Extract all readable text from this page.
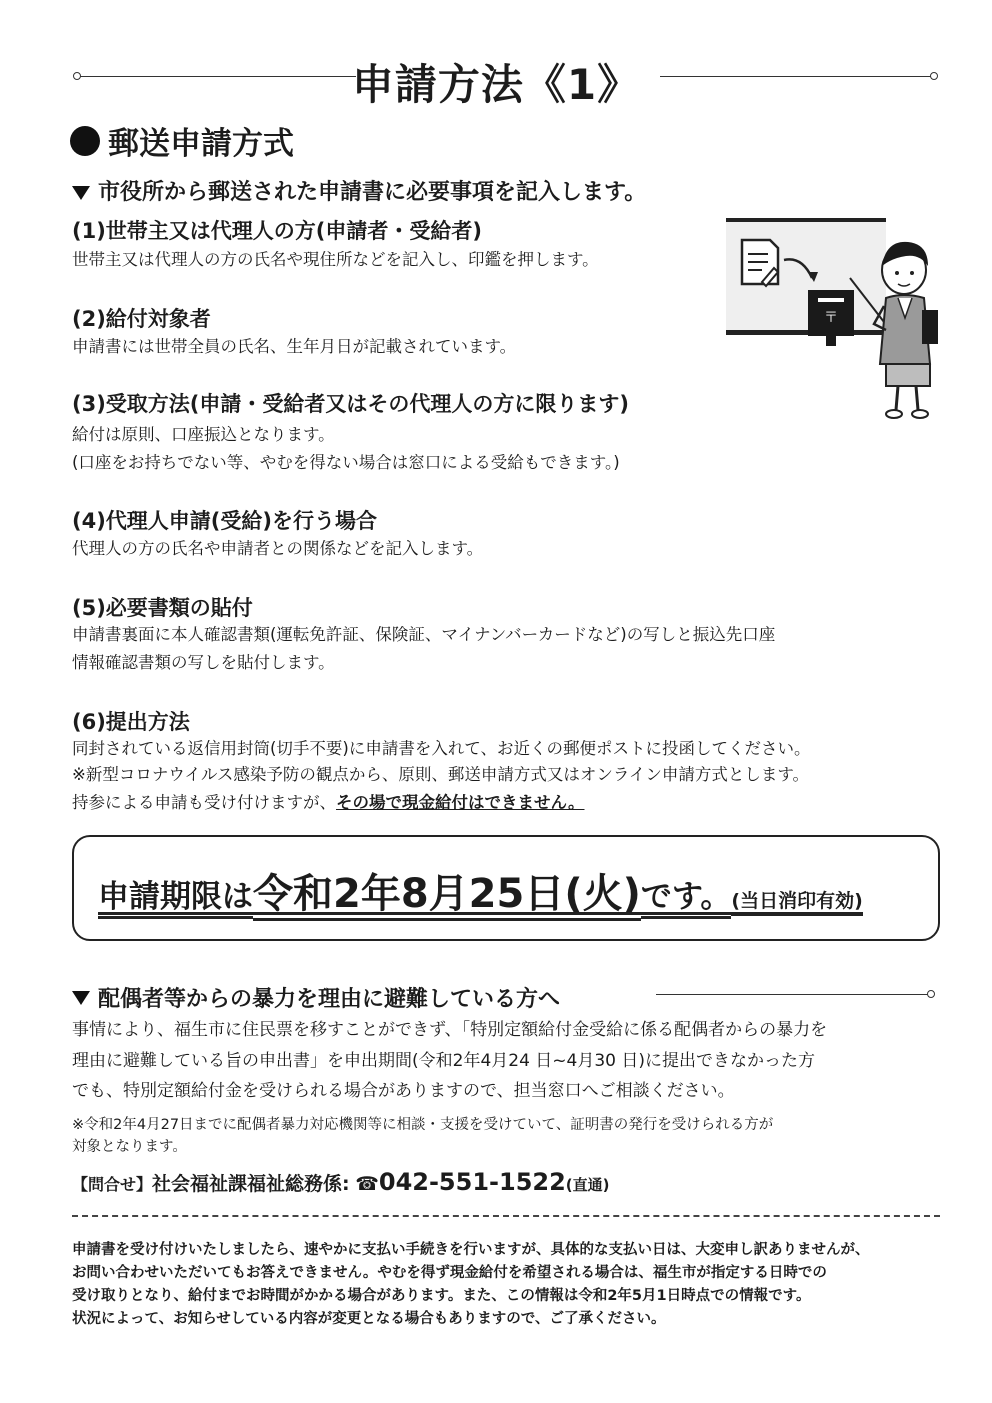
申請方法《1》
郵送申請方式
市役所から郵送された申請書に必要事項を記入します。
(1)世帯主又は代理人の方(申請者・受給者)
世帯主又は代理人の方の氏名や現住所などを記入し、印鑑を押します。
(2)給付対象者
申請書には世帯全員の氏名、生年月日が記載されています。
(3)受取方法(申請・受給者又はその代理人の方に限ります)
給付は原則、口座振込となります。
(口座をお持ちでない等、やむを得ない場合は窓口による受給もできます。)
(4)代理人申請(受給)を行う場合
代理人の方の氏名や申請者との関係などを記入します。
(5)必要書類の貼付
申請書裏面に本人確認書類(運転免許証、保険証、マイナンバーカードなど)の写しと振込先口座
情報確認書類の写しを貼付します。
(6)提出方法
同封されている返信用封筒(切手不要)に申請書を入れて、お近くの郵便ポストに投函してください。
※新型コロナウイルス感染予防の観点から、原則、郵送申請方式又はオンライン申請方式とします。
持参による申請も受け付けますが、その場で現金給付はできません。
〒
申請期限は令和2年8月25日(火)です。(当日消印有効)
配偶者等からの暴力を理由に避難している方へ
事情により、福生市に住民票を移すことができず、「特別定額給付金受給に係る配偶者からの暴力を
理由に避難している旨の申出書」を申出期間(令和2年4月24 日~4月30 日)に提出できなかった方
でも、特別定額給付金を受けられる場合がありますので、担当窓口へご相談ください。
※令和2年4月27日までに配偶者暴力対応機関等に相談・支援を受けていて、証明書の発行を受けられる方が
対象となります。
【問合せ】社会福祉課福祉総務係: ☎042-551-1522(直通)
申請書を受け付けいたしましたら、速やかに支払い手続きを行いますが、具体的な支払い日は、大変申し訳ありませんが、
お問い合わせいただいてもお答えできません。やむを得ず現金給付を希望される場合は、福生市が指定する日時での
受け取りとなり、給付までお時間がかかる場合があります。また、この情報は令和2年5月1日時点での情報です。
状況によって、お知らせしている内容が変更となる場合もありますので、ご了承ください。
